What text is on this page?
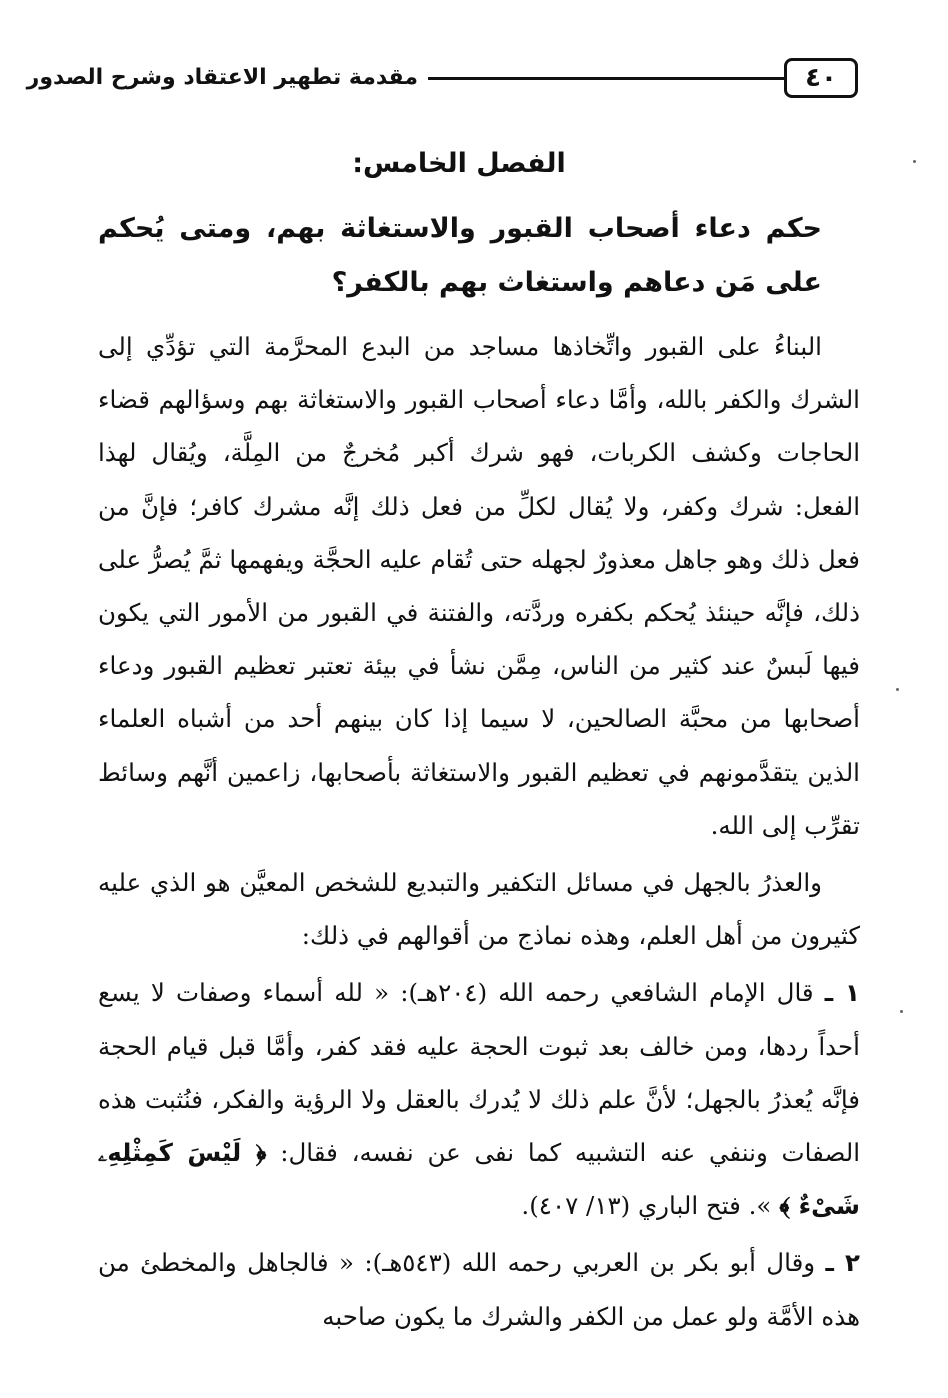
٤٠
مقدمة تطهير الاعتقاد وشرح الصدور
الفصل الخامس:
حكم دعاء أصحاب القبور والاستغاثة بهم، ومتى يُحكم على مَن دعاهم واستغاث بهم بالكفر؟

البناءُ على القبور واتِّخاذها مساجد من البدع المحرَّمة التي تؤدِّي إلى الشرك والكفر بالله، وأمَّا دعاء أصحاب القبور والاستغاثة بهم وسؤالهم قضاء الحاجات وكشف الكربات، فهو شرك أكبر مُخرجٌ من المِلَّة، ويُقال لهذا الفعل: شرك وكفر، ولا يُقال لكلِّ من فعل ذلك إنَّه مشرك كافر؛ فإنَّ من فعل ذلك وهو جاهل معذورٌ لجهله حتى تُقام عليه الحجَّة ويفهمها ثمَّ يُصرُّ على ذلك، فإنَّه حينئذ يُحكم بكفره وردَّته، والفتنة في القبور من الأمور التي يكون فيها لَبسٌ عند كثير من الناس، مِمَّن نشأ في بيئة تعتبر تعظيم القبور ودعاء أصحابها من محبَّة الصالحين، لا سيما إذا كان بينهم أحد من أشباه العلماء الذين يتقدَّمونهم في تعظيم القبور والاستغاثة بأصحابها، زاعمين أنَّهم وسائط تقرِّب إلى الله.

والعذرُ بالجهل في مسائل التكفير والتبديع للشخص المعيَّن هو الذي عليه كثيرون من أهل العلم، وهذه نماذج من أقوالهم في ذلك:

١ ـ قال الإمام الشافعي رحمه الله (٢٠٤هـ): « لله أسماء وصفات لا يسع أحداً ردها، ومن خالف بعد ثبوت الحجة عليه فقد كفر، وأمَّا قبل قيام الحجة فإنَّه يُعذرُ بالجهل؛ لأنَّ علم ذلك لا يُدرك بالعقل ولا الرؤية والفكر، فنُثبت هذه الصفات وننفي عنه التشبيه كما نفى عن نفسه، فقال: ﴿ لَيْسَ كَمِثْلِهِۦ شَىْءٌ ﴾ ». فتح الباري (١٣/ ٤٠٧).

٢ ـ وقال أبو بكر بن العربي رحمه الله (٥٤٣هـ): « فالجاهل والمخطئ من هذه الأمَّة ولو عمل من الكفر والشرك ما يكون صاحبه
